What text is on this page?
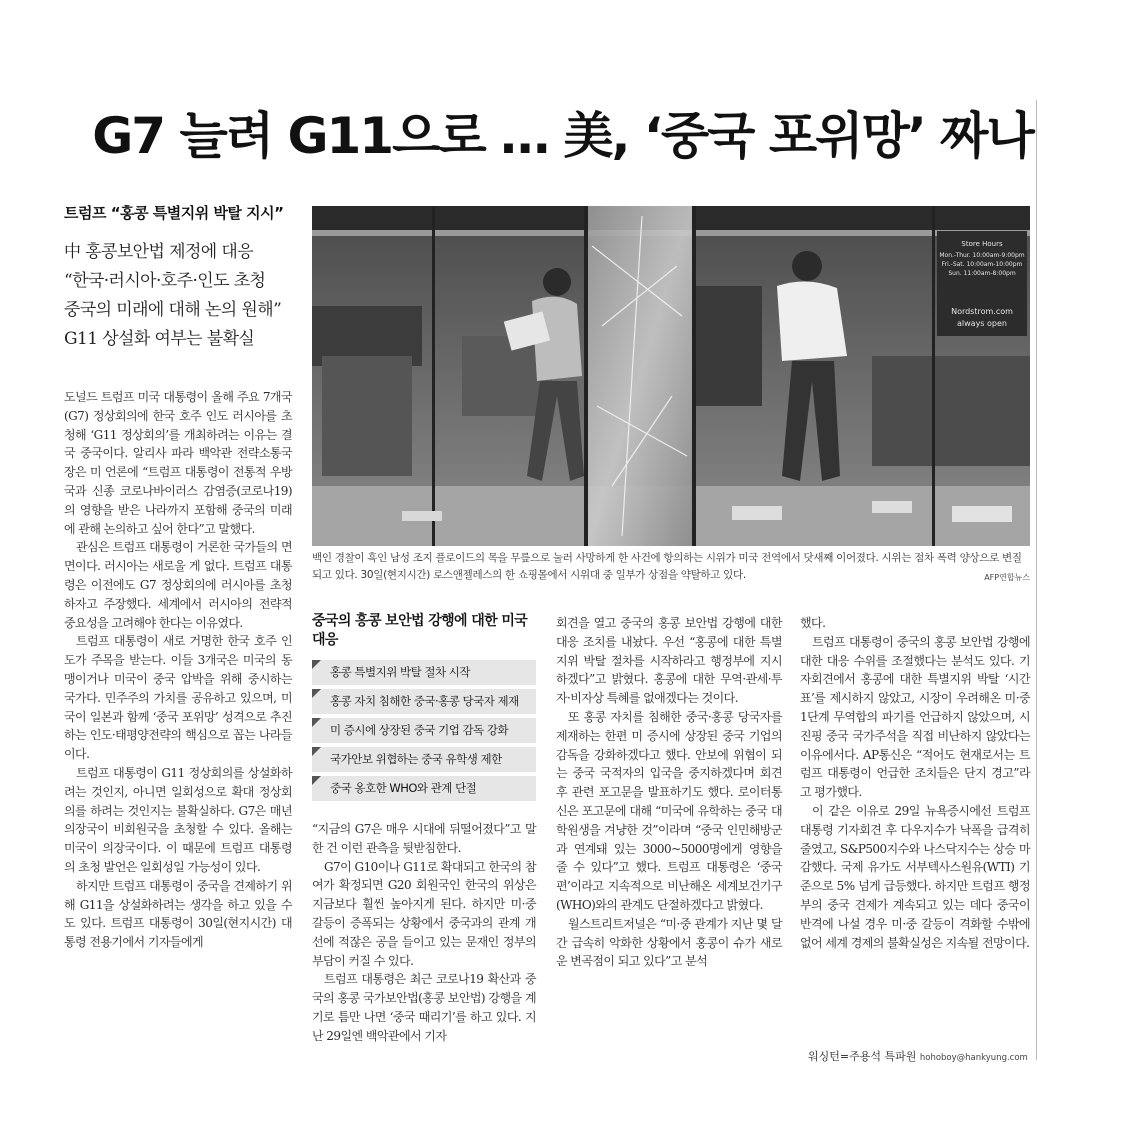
G7 늘려 G11으로 … 美, ‘중국 포위망’ 짜나
트럼프 “홍콩 특별지위 박탈 지시”
中 홍콩보안법 제정에 대응
“한국·러시아·호주·인도 초청
중국의 미래에 대해 논의 원해”
G11 상설화 여부는 불확실
Store Hours
Mon.-Thur. 10:00am-9:00pm
Fri.-Sat. 10:00am-10:00pm
Sun. 11:00am-8:00pm
Nordstrom.com
always open
백인 경찰이 흑인 남성 조지 플로이드의 목을 무릎으로 눌러 사망하게 한 사건에 항의하는 시위가 미국 전역에서 닷새째 이어졌다. 시위는 점차 폭력 양상으로 변질되고 있다. 30일(현지시간) 로스앤젤레스의 한 쇼핑몰에서 시위대 중 일부가 상점을 약탈하고 있다.	AFP연합뉴스

도널드 트럼프 미국 대통령이 올해 주요 7개국(G7) 정상회의에 한국 호주 인도 러시아를 초청해 ‘G11 정상회의’를 개최하려는 이유는 결국 중국이다. 알리사 파라 백악관 전략소통국장은 미 언론에 “트럼프 대통령이 전통적 우방국과 신종 코로나바이러스 감염증(코로나19)의 영향을 받은 나라까지 포함해 중국의 미래에 관해 논의하고 싶어 한다”고 말했다.

관심은 트럼프 대통령이 거론한 국가들의 면면이다. 러시아는 새로울 게 없다. 트럼프 대통령은 이전에도 G7 정상회의에 러시아를 초청하자고 주장했다. 세계에서 러시아의 전략적 중요성을 고려해야 한다는 이유였다.

트럼프 대통령이 새로 거명한 한국 호주 인도가 주목을 받는다. 이들 3개국은 미국의 동맹이거나 미국이 중국 압박을 위해 중시하는 국가다. 민주주의 가치를 공유하고 있으며, 미국이 일본과 함께 ‘중국 포위망’ 성격으로 추진하는 인도·태평양전략의 핵심으로 꼽는 나라들이다.

트럼프 대통령이 G11 정상회의를 상설화하려는 것인지, 아니면 일회성으로 확대 정상회의를 하려는 것인지는 불확실하다. G7은 매년 의장국이 비회원국을 초청할 수 있다. 올해는 미국이 의장국이다. 이 때문에 트럼프 대통령의 초청 발언은 일회성일 가능성이 있다.

하지만 트럼프 대통령이 중국을 견제하기 위해 G11을 상설화하려는 생각을 하고 있을 수도 있다. 트럼프 대통령이 30일(현지시간) 대통령 전용기에서 기자들에게

중국의 홍콩 보안법 강행에 대한 미국 대응
홍콩 특별지위 박탈 절차 시작
홍콩 자치 침해한 중국·홍콩 당국자 제재
미 증시에 상장된 중국 기업 감독 강화
국가안보 위협하는 중국 유학생 제한
중국 옹호한 WHO와 관계 단절

“지금의 G7은 매우 시대에 뒤떨어졌다”고 말한 건 이런 관측을 뒷받침한다.

G7이 G10이나 G11로 확대되고 한국의 참여가 확정되면 G20 회원국인 한국의 위상은 지금보다 훨씬 높아지게 된다. 하지만 미·중 갈등이 증폭되는 상황에서 중국과의 관계 개선에 적잖은 공을 들이고 있는 문재인 정부의 부담이 커질 수 있다.

트럼프 대통령은 최근 코로나19 확산과 중국의 홍콩 국가보안법(홍콩 보안법) 강행을 계기로 틈만 나면 ‘중국 때리기’를 하고 있다. 지난 29일엔 백악관에서 기자

회견을 열고 중국의 홍콩 보안법 강행에 대한 대응 조치를 내놨다. 우선 “홍콩에 대한 특별지위 박탈 절차를 시작하라고 행정부에 지시하겠다”고 밝혔다. 홍콩에 대한 무역·관세·투자·비자상 특혜를 없애겠다는 것이다.

또 홍콩 자치를 침해한 중국·홍콩 당국자를 제재하는 한편 미 증시에 상장된 중국 기업의 감독을 강화하겠다고 했다. 안보에 위협이 되는 중국 국적자의 입국을 중지하겠다며 회견 후 관련 포고문을 발표하기도 했다. 로이터통신은 포고문에 대해 “미국에 유학하는 중국 대학원생을 겨냥한 것”이라며 “중국 인민해방군과 연계돼 있는 3000~5000명에게 영향을 줄 수 있다”고 했다. 트럼프 대통령은 ‘중국 편’이라고 지속적으로 비난해온 세계보건기구(WHO)와의 관계도 단절하겠다고 밝혔다.

월스트리트저널은 “미·중 관계가 지난 몇 달간 급속히 악화한 상황에서 홍콩이 슈가 새로운 변곡점이 되고 있다”고 분석

했다.

트럼프 대통령이 중국의 홍콩 보안법 강행에 대한 대응 수위를 조절했다는 분석도 있다. 기자회견에서 홍콩에 대한 특별지위 박탈 ‘시간표’를 제시하지 않았고, 시장이 우려해온 미·중 1단계 무역합의 파기를 언급하지 않았으며, 시진핑 중국 국가주석을 직접 비난하지 않았다는 이유에서다. AP통신은 “적어도 현재로서는 트럼프 대통령이 언급한 조치들은 단지 경고”라고 평가했다.

이 같은 이유로 29일 뉴욕증시에선 트럼프 대통령 기자회견 후 다우지수가 낙폭을 급격히 줄였고, S&P500지수와 나스닥지수는 상승 마감했다. 국제 유가도 서부텍사스원유(WTI) 기준으로 5% 넘게 급등했다. 하지만 트럼프 행정부의 중국 견제가 계속되고 있는 데다 중국이 반격에 나설 경우 미·중 갈등이 격화할 수밖에 없어 세계 경제의 불확실성은 지속될 전망이다.

워싱턴=주용석 특파원 hohoboy@hankyung.com
